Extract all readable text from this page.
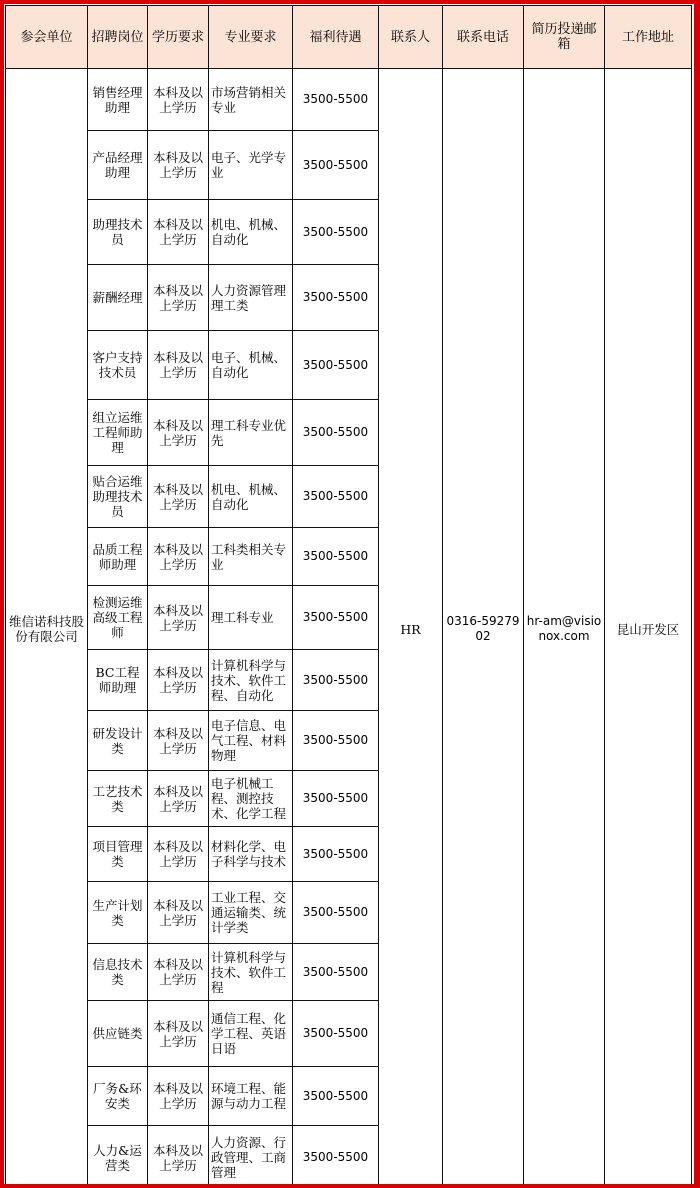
参会单位	招聘岗位	学历要求	专业要求	福利待遇	联系人	联系电话	简历投递邮箱	工作地址
维信诺科技股份有限公司	销售经理助理	本科及以上学历	市场营销相关专业	3500-5500	HR	0316-5927902	hr-am@visionox.com	昆山开发区
	产品经理助理	本科及以上学历	电子、光学专业	3500-5500				
	助理技术员	本科及以上学历	机电、机械、自动化	3500-5500				
	薪酬经理	本科及以上学历	人力资源管理理工类	3500-5500				
	客户支持技术员	本科及以上学历	电子、机械、自动化	3500-5500				
	组立运维工程师助理	本科及以上学历	理工科专业优先	3500-5500				
	贴合运维助理技术员	本科及以上学历	机电、机械、自动化	3500-5500				
	品质工程师助理	本科及以上学历	工科类相关专业	3500-5500				
	检测运维高级工程师	本科及以上学历	理工科专业	3500-5500				
	BC工程师助理	本科及以上学历	计算机科学与技术、软件工程、自动化	3500-5500				
	研发设计类	本科及以上学历	电子信息、电气工程、材料物理	3500-5500				
	工艺技术类	本科及以上学历	电子机械工程、测控技术、化学工程	3500-5500				
	项目管理类	本科及以上学历	材料化学、电子科学与技术	3500-5500				
	生产计划类	本科及以上学历	工业工程、交通运输类、统计学类	3500-5500				
	信息技术类	本科及以上学历	计算机科学与技术、软件工程	3500-5500				
	供应链类	本科及以上学历	通信工程、化学工程、英语日语	3500-5500				
	厂务&环安类	本科及以上学历	环境工程、能源与动力工程	3500-5500				
	人力&运营类	本科及以上学历	人力资源、行政管理、工商管理	3500-5500				
